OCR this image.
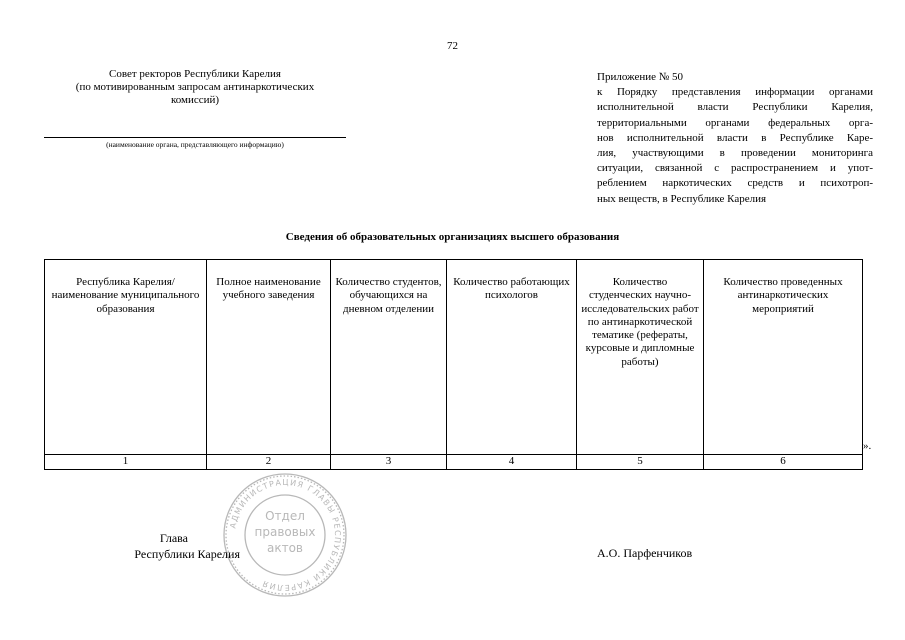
72
Совет ректоров Республики Карелия
(по мотивированным запросам антинаркотических
комиссий)
(наименование органа, представляющего информацию)
Приложение № 50
к Порядку представления информации органами
исполнительной власти Республики Карелия,
территориальными органами федеральных орга-
нов исполнительной власти в Республике Каре-
лия, участвующими в проведении мониторинга
ситуации, связанной с распространением и упот-
реблением наркотических средств и психотроп-
ных веществ, в Республике Карелия
Сведения об образовательных организациях высшего образования
Республика Карелия/ наименование муниципального образования	Полное наименование учебного заведения	Количество студентов, обучающихся на дневном отделении	Количество работающих психологов	Количество студенческих научно-исследовательских работ по антинаркотической тематике (рефераты, курсовые и дипломные работы)	Количество проведенных антинаркотических мероприятий
1	2	3	4	5	6
».
АДМИНИСТРАЦИЯ ГЛАВЫ РЕСПУБЛИКИ КАРЕЛИЯ
Отдел
правовых
актов
Глава
Республики Карелия	А.О. Парфенчиков
